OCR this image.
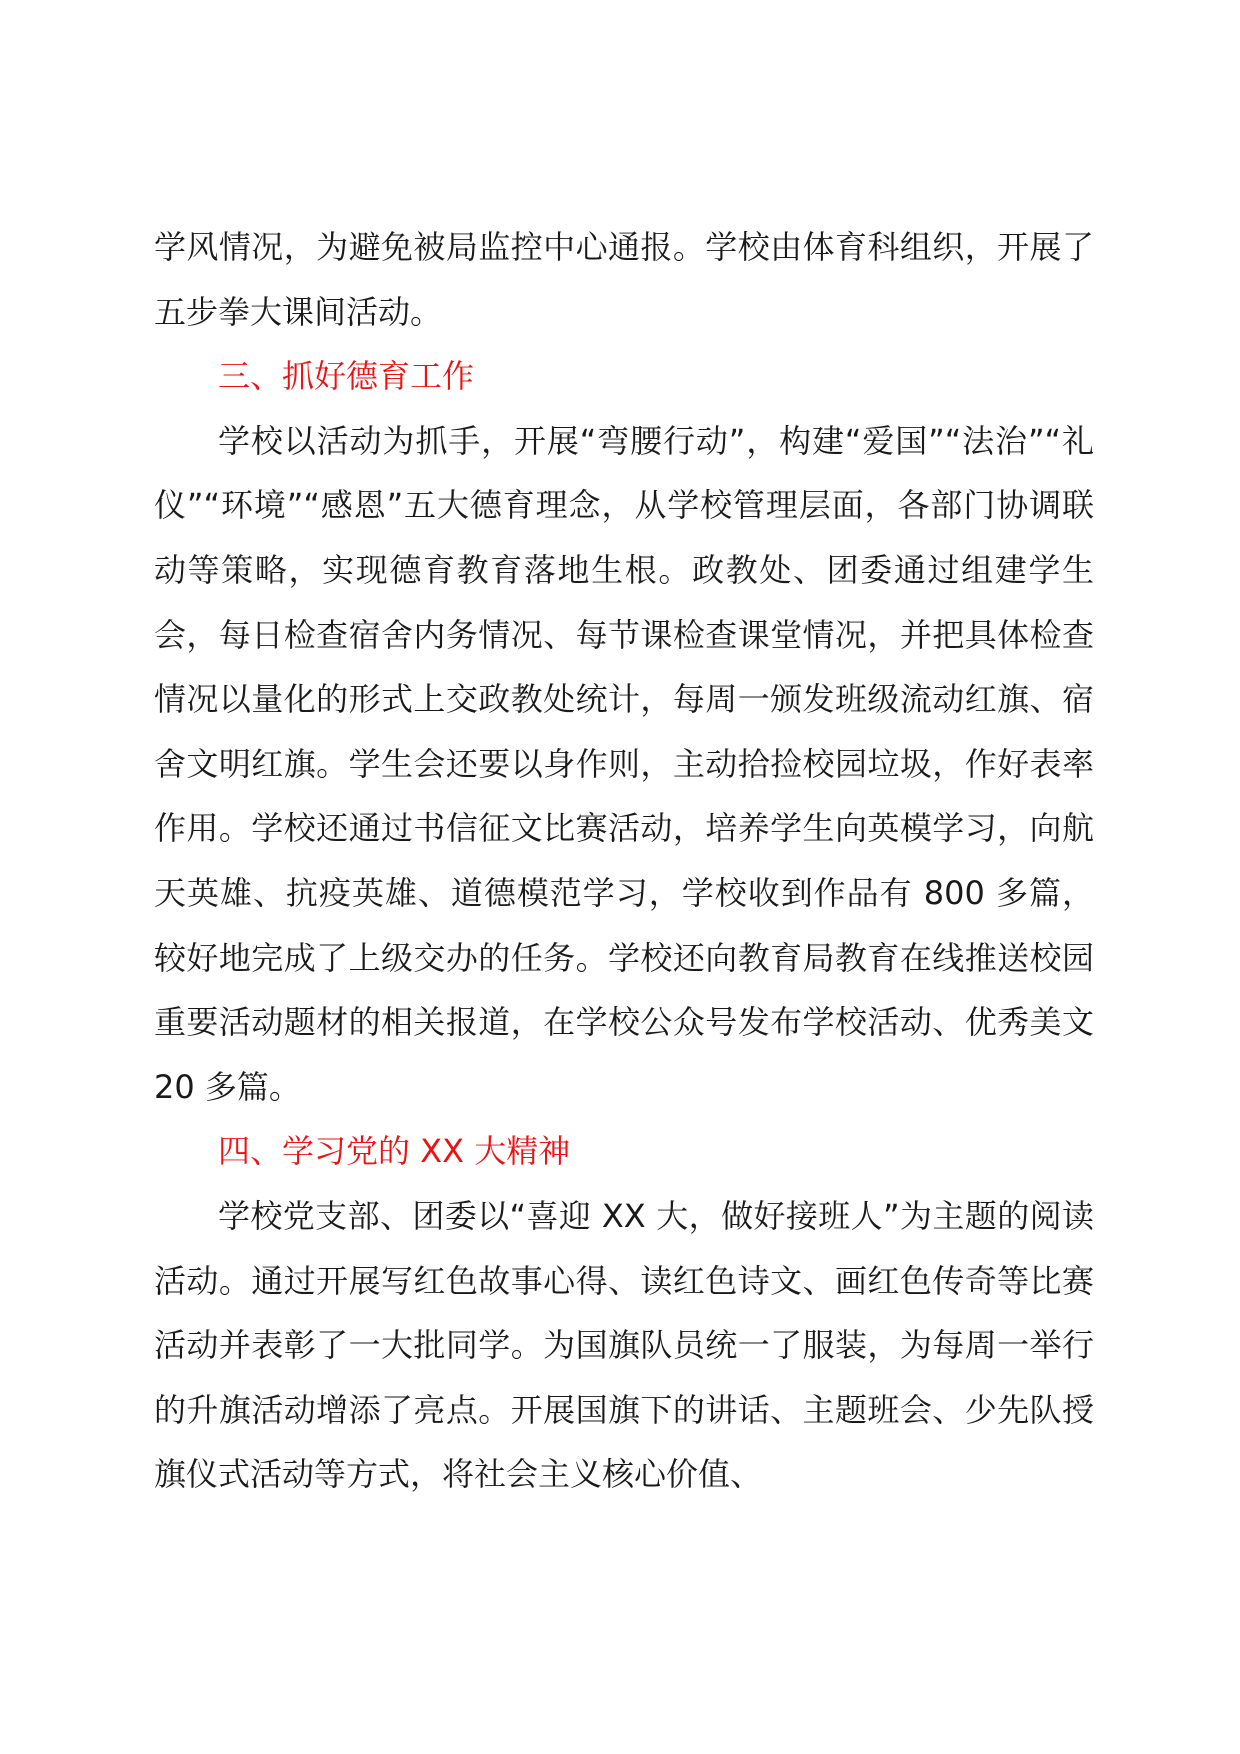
学风情况，为避免被局监控中心通报。学校由体育科组织，开展了五步拳大课间活动。

三、抓好德育工作

学校以活动为抓手，开展“弯腰行动”，构建“爱国”“法治”“礼仪”“环境”“感恩”五大德育理念，从学校管理层面，各部门协调联动等策略，实现德育教育落地生根。政教处、团委通过组建学生会，每日检查宿舍内务情况、每节课检查课堂情况，并把具体检查情况以量化的形式上交政教处统计，每周一颁发班级流动红旗、宿舍文明红旗。学生会还要以身作则，主动拾捡校园垃圾，作好表率作用。学校还通过书信征文比赛活动，培养学生向英模学习，向航天英雄、抗疫英雄、道德模范学习，学校收到作品有 800 多篇，较好地完成了上级交办的任务。学校还向教育局教育在线推送校园重要活动题材的相关报道，在学校公众号发布学校活动、优秀美文 20 多篇。

四、学习党的 XX 大精神

学校党支部、团委以“喜迎 XX 大，做好接班人”为主题的阅读活动。通过开展写红色故事心得、读红色诗文、画红色传奇等比赛活动并表彰了一大批同学。为国旗队员统一了服装，为每周一举行的升旗活动增添了亮点。开展国旗下的讲话、主题班会、少先队授旗仪式活动等方式，将社会主义核心价值、
